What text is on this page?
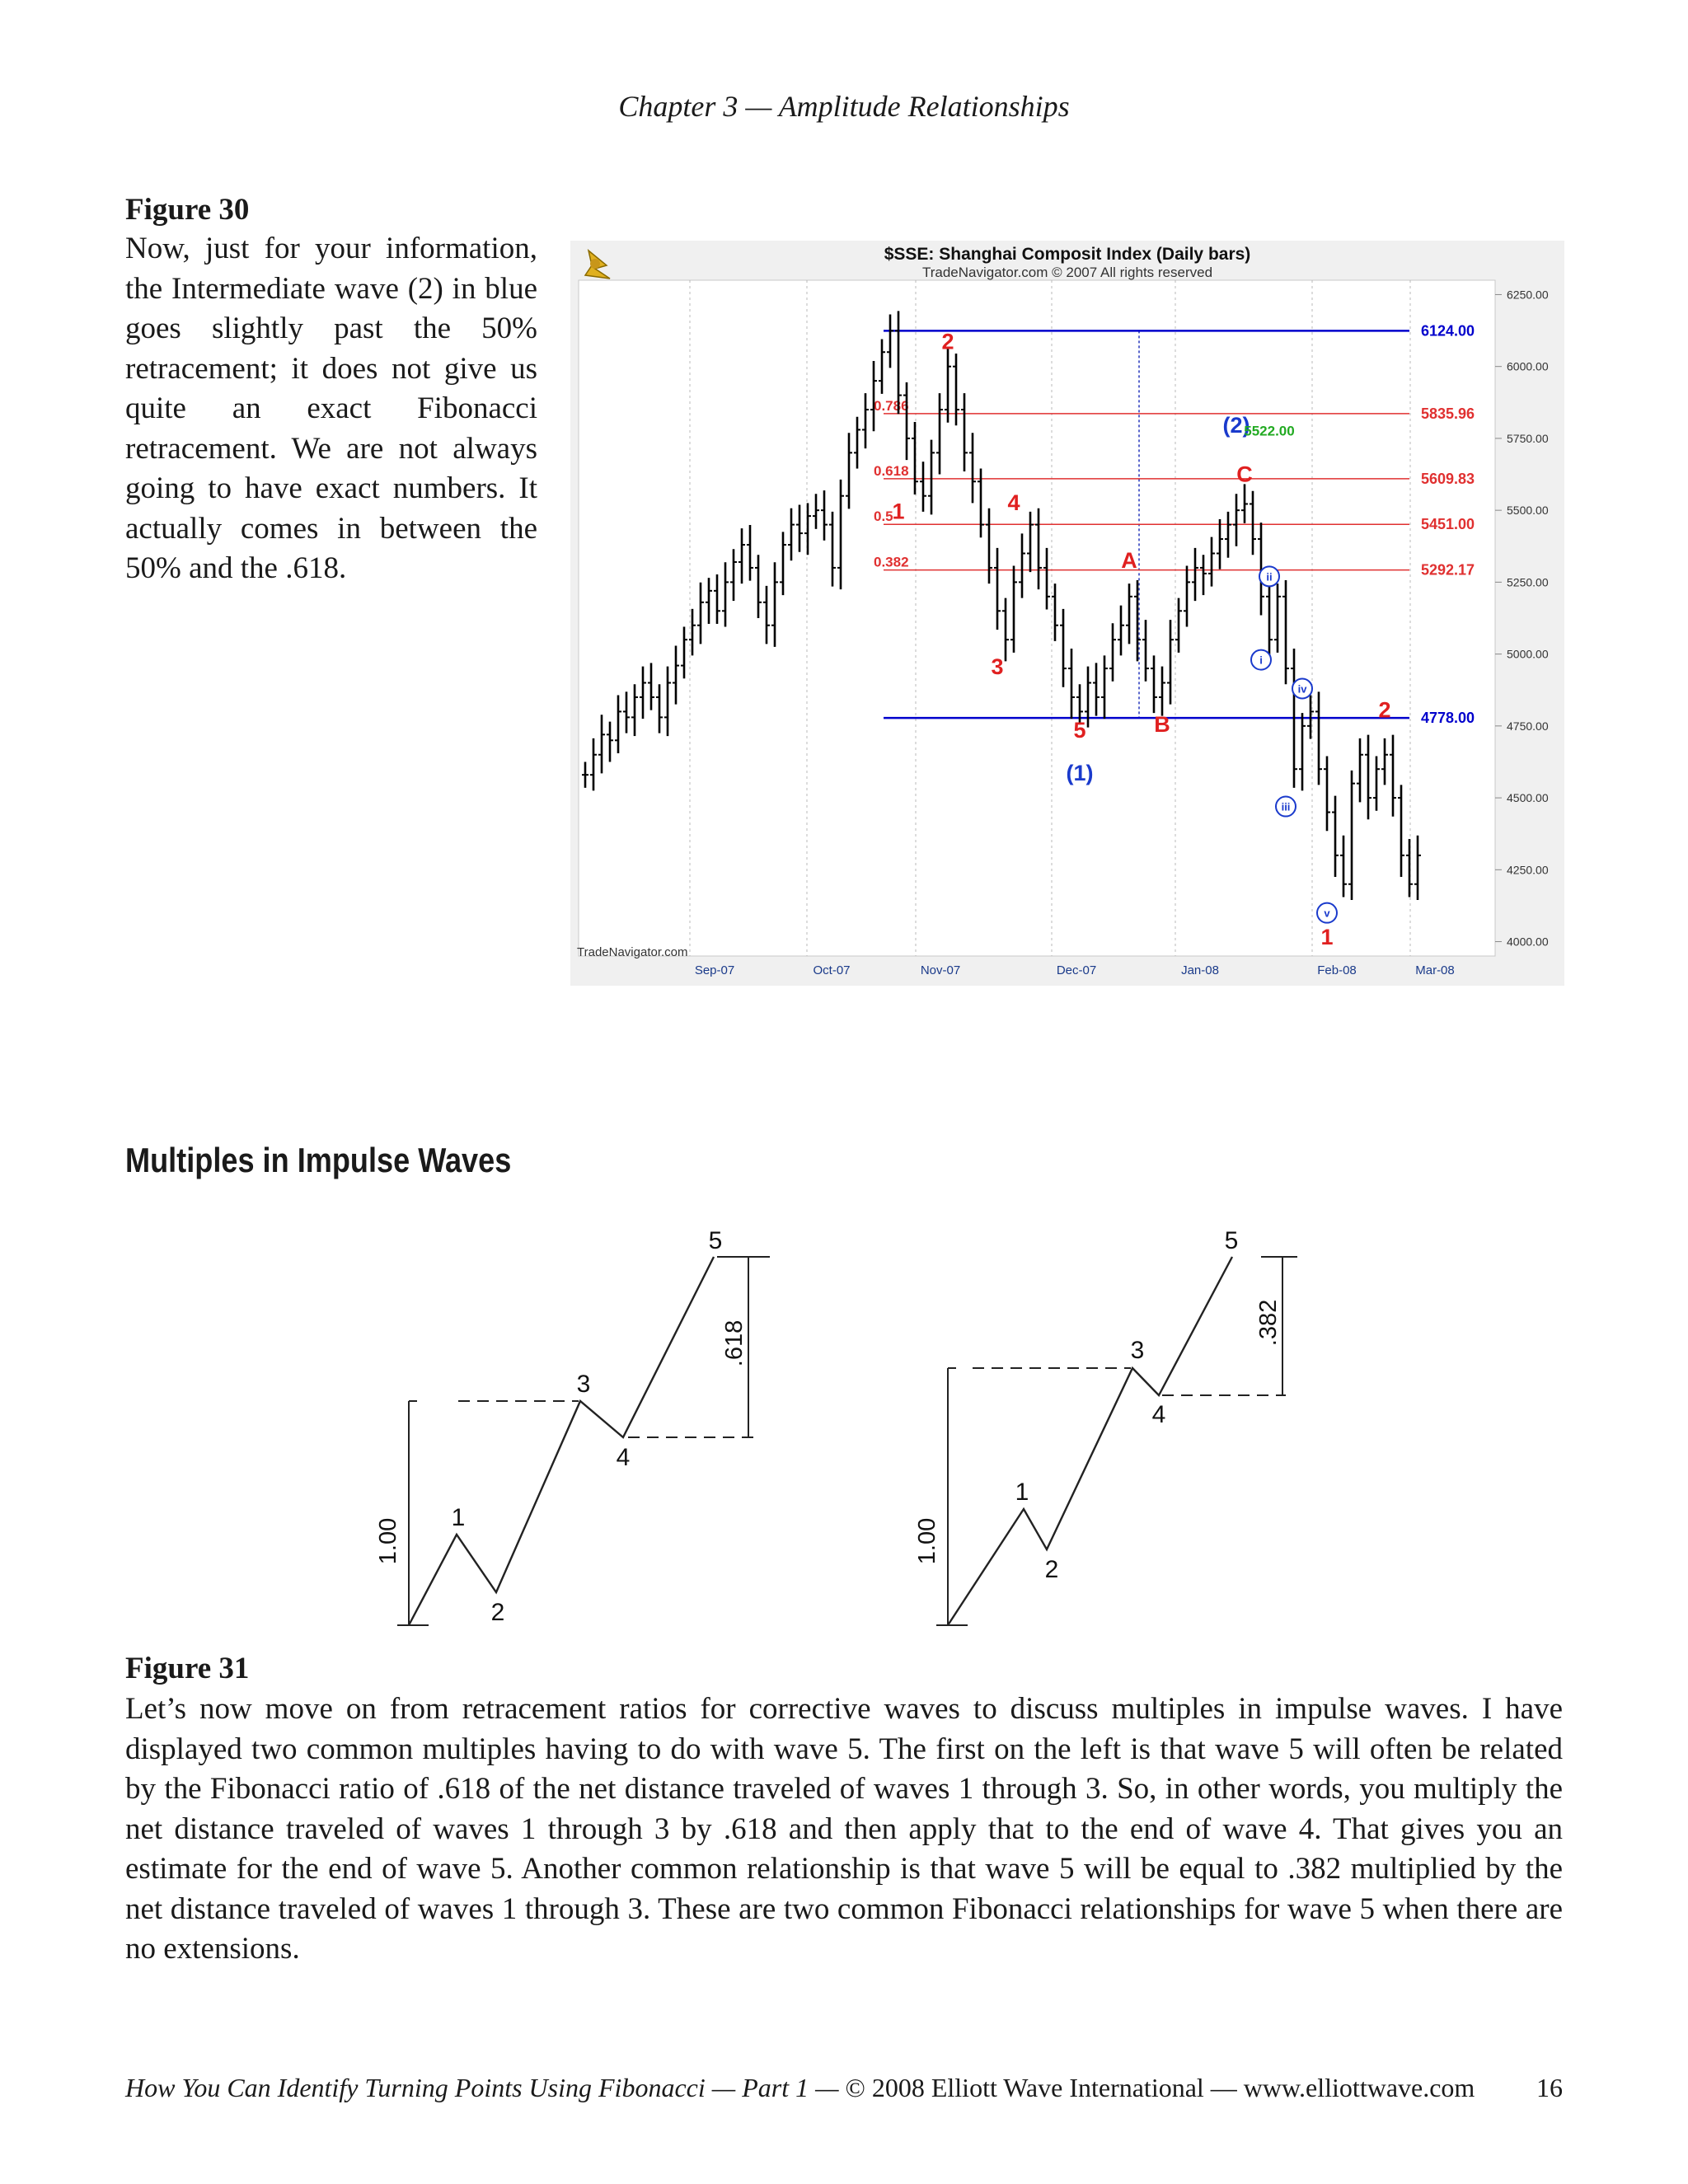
Chapter 3 — Amplitude Relationships
Figure 30
Now, just for your information, the Intermediate wave (2) in blue goes slightly past the 50% retracement; it does not give us quite an exact Fibonacci retracement. We are not always going to have exact numbers. It actually comes in between the 50% and the .618.
$SSE: Shanghai Composit Index (Daily bars)
TradeNavigator.com © 2007 All rights reserved
TradeNavigator.com
6250.00
6000.00
5750.00
5500.00
5250.00
5000.00
4750.00
4500.00
4250.00
4000.00
Sep-07	Oct-07	Nov-07	Dec-07	Jan-08	Feb-08	Mar-08
0.786	5835.96
0.618	5609.83
0.5	5451.00
0.382	5292.17
6124.00
4778.00
2
1	4
3
5
(1)
A
B
C
(2)
5522.00
2
1
i
ii
iii
iv
v
Multiples in Impulse Waves
1.00
.618
1
2
3
4
5
1.00
.382
1
2
3
4
5
Figure 31
Let’s now move on from retracement ratios for corrective waves to discuss multiples in impulse waves. I have displayed two common multiples having to do with wave 5. The first on the left is that wave 5 will often be related by the Fibonacci ratio of .618 of the net distance traveled of waves 1 through 3. So, in other words, you multiply the net distance traveled of waves 1 through 3 by .618 and then apply that to the end of wave 4. That gives you an estimate for the end of wave 5. Another common relationship is that wave 5 will be equal to .382 multiplied by the net distance traveled of waves 1 through 3. These are two common Fibonacci relationships for wave 5 when there are no extensions.
How You Can Identify Turning Points Using Fibonacci — Part 1 — © 2008 Elliott Wave International — www.elliottwave.com 16
